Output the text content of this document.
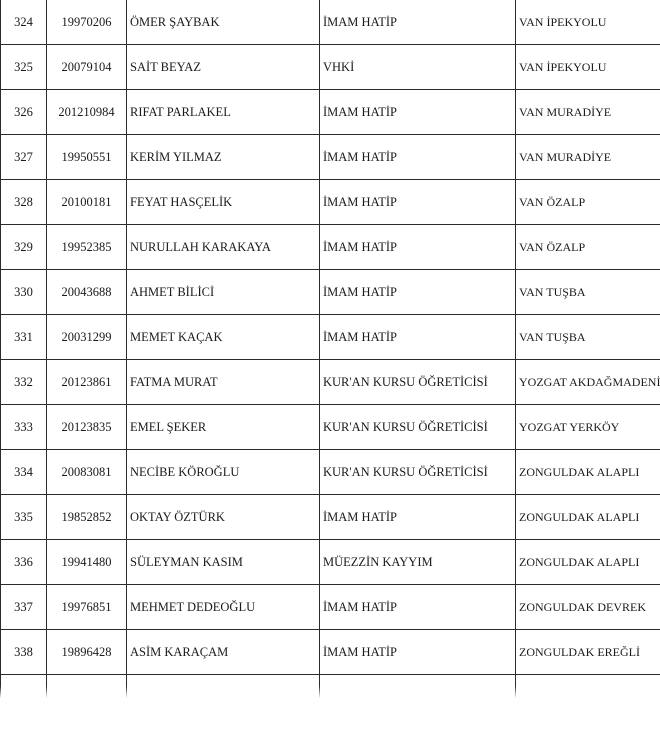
324	19970206	ÖMER ŞAYBAK	İMAM HATİP	VAN İPEKYOLU
325	20079104	SAİT BEYAZ	VHKİ	VAN İPEKYOLU
326	201210984	RIFAT PARLAKEL	İMAM HATİP	VAN MURADİYE
327	19950551	KERİM YILMAZ	İMAM HATİP	VAN MURADİYE
328	20100181	FEYAT HASÇELİK	İMAM HATİP	VAN ÖZALP
329	19952385	NURULLAH KARAKAYA	İMAM HATİP	VAN ÖZALP
330	20043688	AHMET BİLİCİ	İMAM HATİP	VAN TUŞBA
331	20031299	MEMET KAÇAK	İMAM HATİP	VAN TUŞBA
332	20123861	FATMA MURAT	KUR'AN KURSU ÖĞRETİCİSİ	YOZGAT AKDAĞMADENİ
333	20123835	EMEL ŞEKER	KUR'AN KURSU ÖĞRETİCİSİ	YOZGAT YERKÖY
334	20083081	NECİBE KÖROĞLU	KUR'AN KURSU ÖĞRETİCİSİ	ZONGULDAK ALAPLI
335	19852852	OKTAY ÖZTÜRK	İMAM HATİP	ZONGULDAK ALAPLI
336	19941480	SÜLEYMAN KASIM	MÜEZZİN KAYYIM	ZONGULDAK ALAPLI
337	19976851	MEHMET DEDEOĞLU	İMAM HATİP	ZONGULDAK DEVREK
338	19896428	ASİM KARAÇAM	İMAM HATİP	ZONGULDAK EREĞLİ
